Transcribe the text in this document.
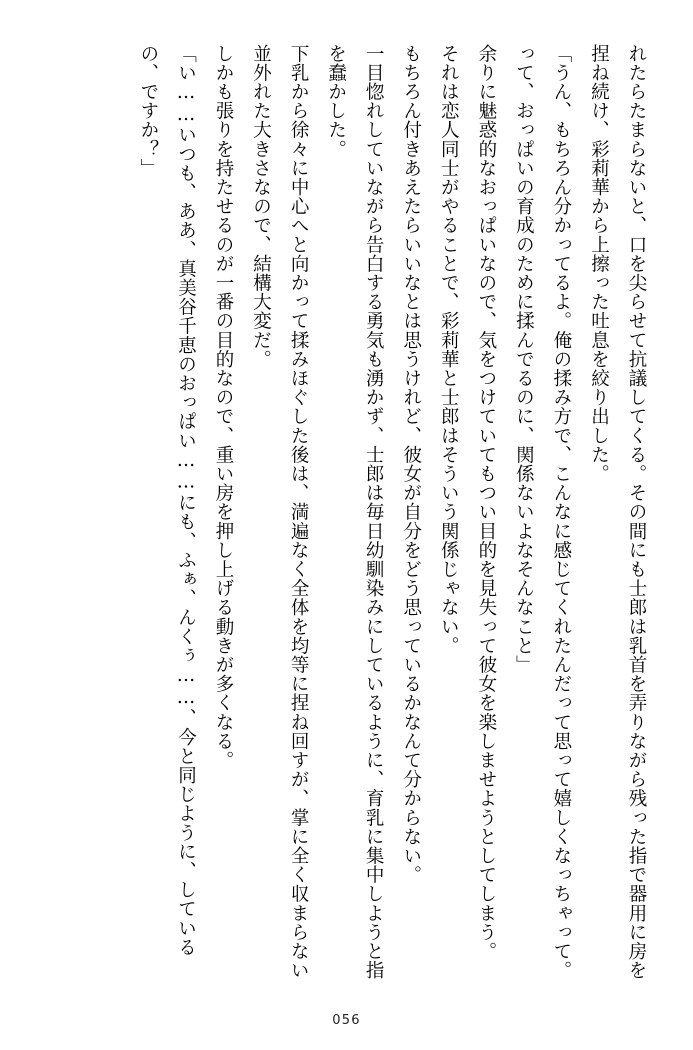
れたらたまらないと、口を尖らせて抗議してくる。その間にも士郎は乳首を弄りながら残った指で器用に房を捏ね続け、彩莉華から上擦った吐息を絞り出した。

「うん、もちろん分かってるよ。俺の揉み方で、こんなに感じてくれたんだって思って嬉しくなっちゃって。って、おっぱいの育成のために揉んでるのに、関係ないよなそんなこと」

余りに魅惑的なおっぱいなので、気をつけていてもつい目的を見失って彼女を楽しませようとしてしまう。

それは恋人同士がやることで、彩莉華と士郎はそういう関係じゃない。

もちろん付きあえたらいいなとは思うけれど、彼女が自分をどう思っているかなんて分からない。

一目惚れしていながら告白する勇気も湧かず、士郎は毎日幼馴染みにしているように、育乳に集中しようと指を蠢かした。

下乳から徐々に中心へと向かって揉みほぐした後は、満遍なく全体を均等に捏ね回すが、掌に全く収まらない並外れた大きさなので、結構大変だ。

しかも張りを持たせるのが一番の目的なので、重い房を押し上げる動きが多くなる。

「い……いつも、ああ、真美谷千恵のおっぱい……にも、ふぁ、んくぅ……、今と同じように、しているの、ですか？」

056
